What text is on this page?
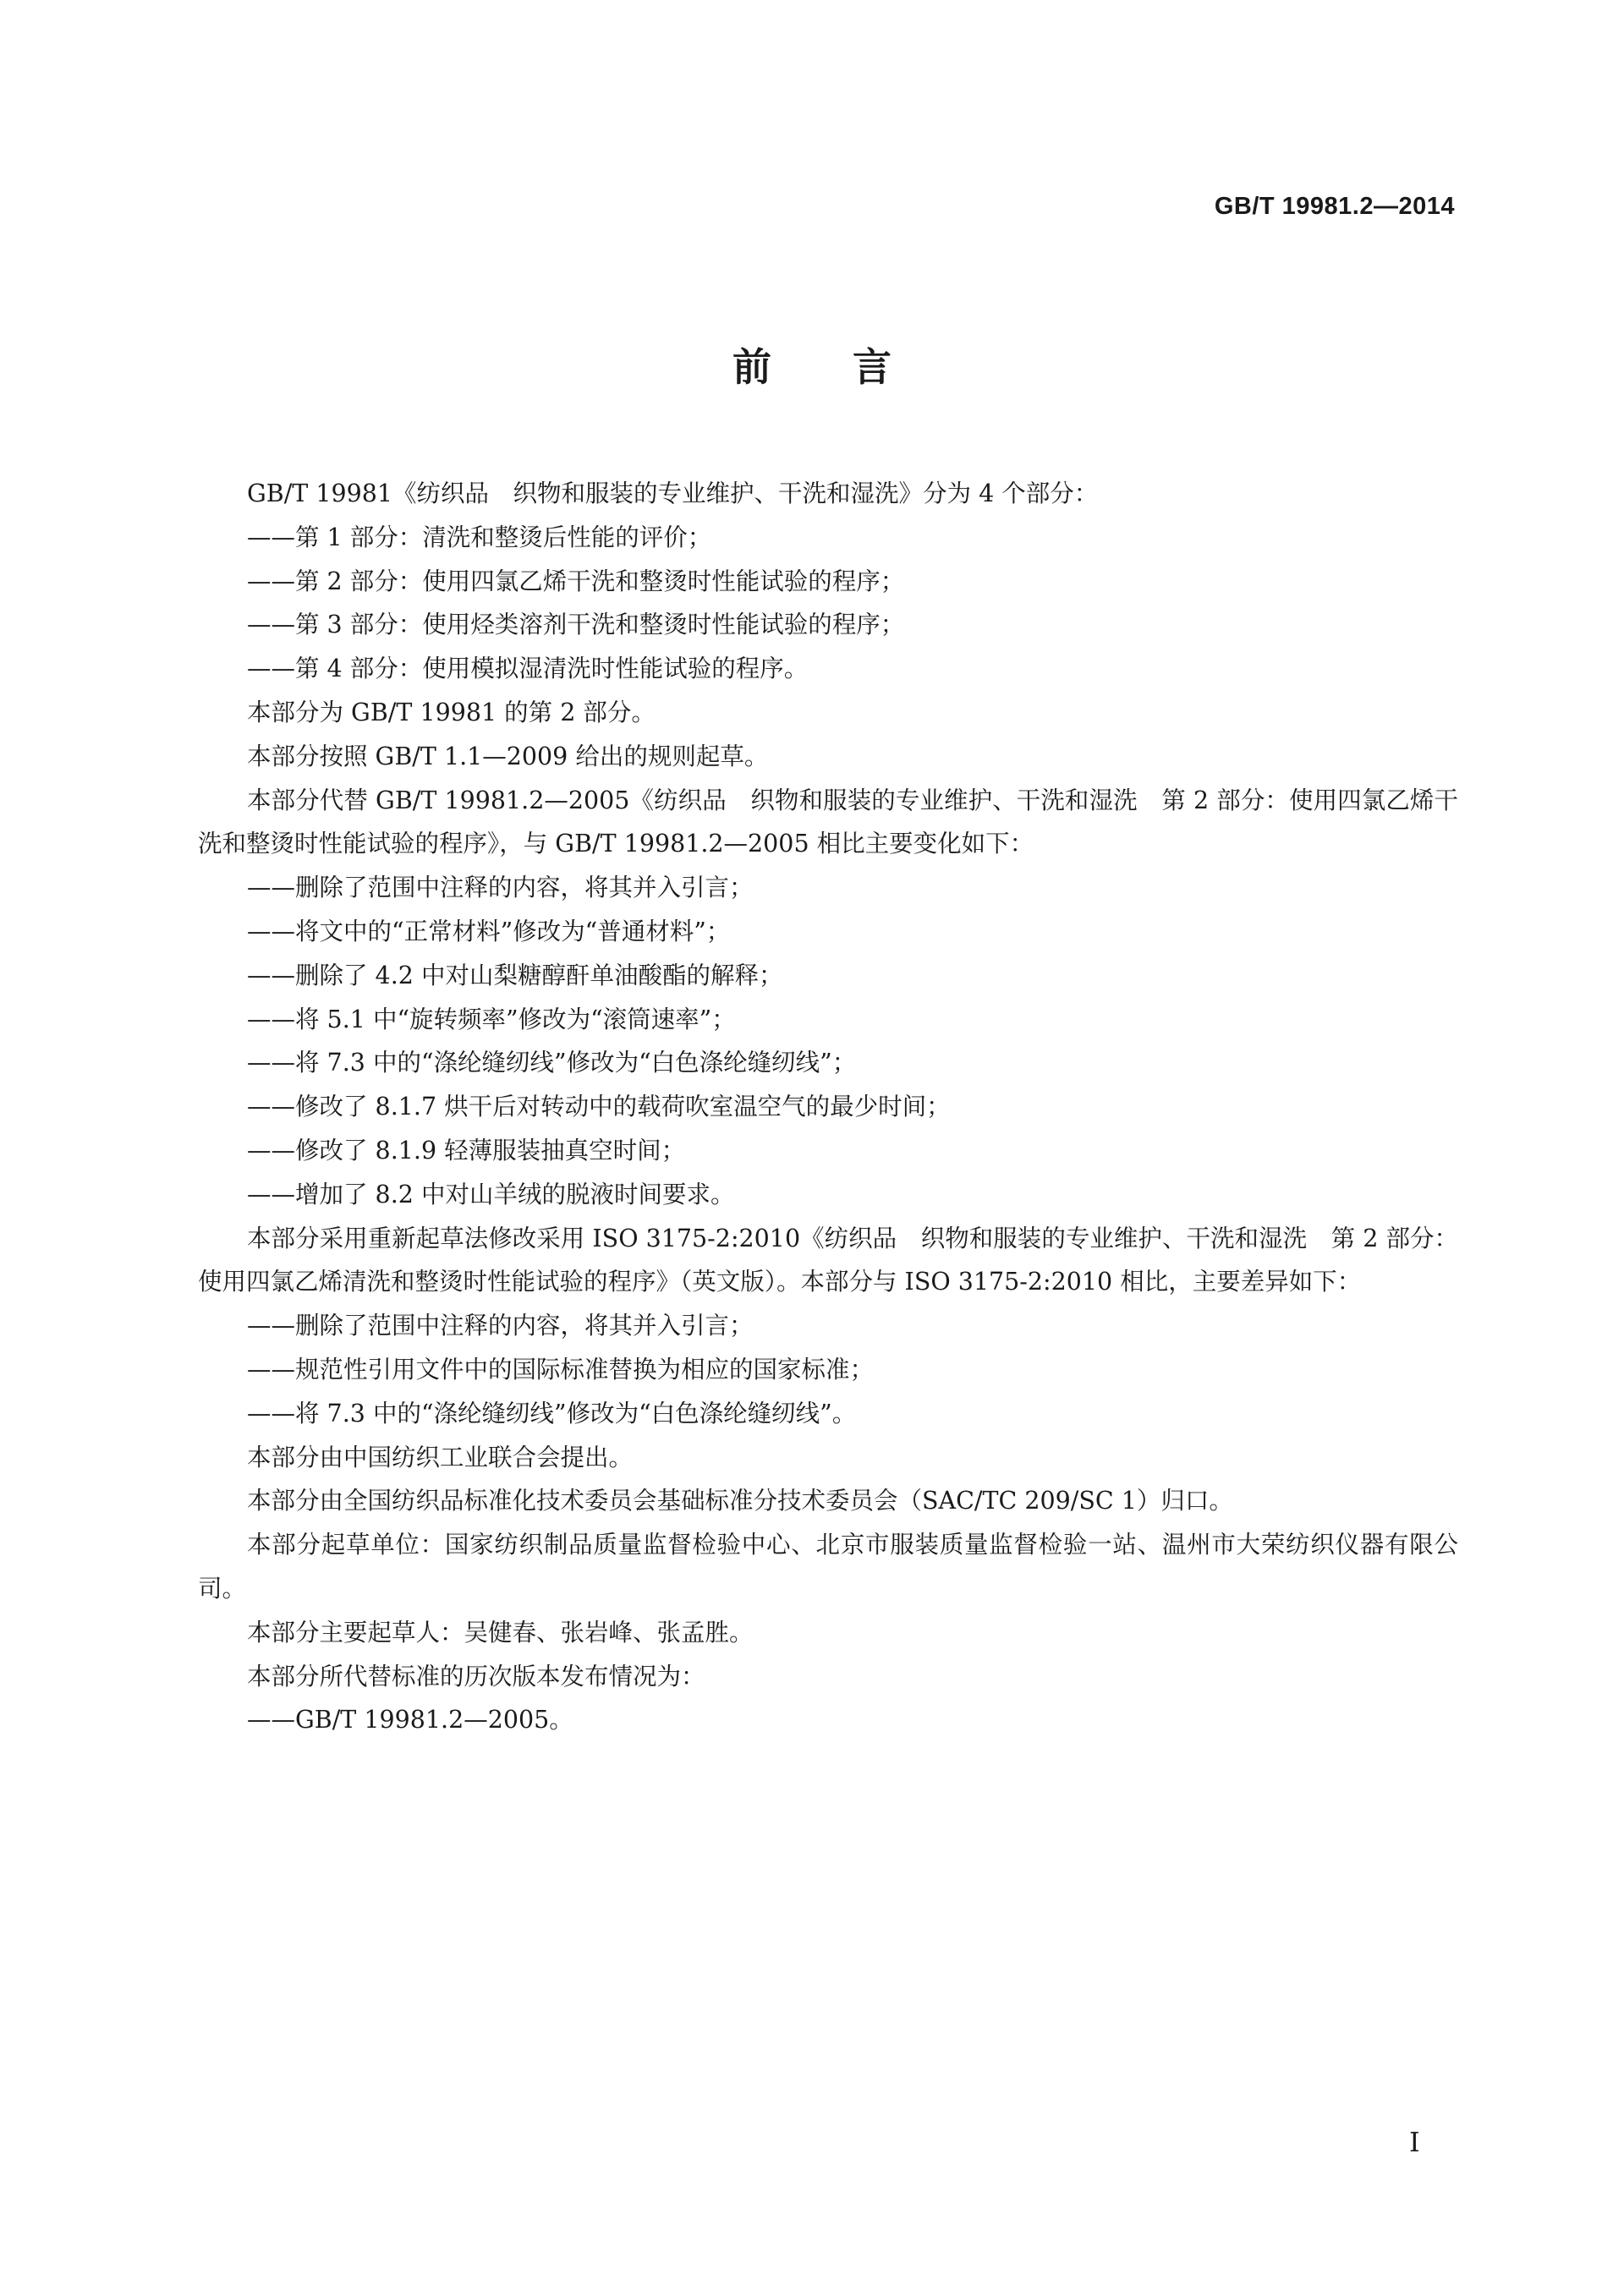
GB/T 19981.2—2014
前言

GB/T 19981《纺织品　织物和服装的专业维护、干洗和湿洗》分为 4 个部分：

——第 1 部分：清洗和整烫后性能的评价；

——第 2 部分：使用四氯乙烯干洗和整烫时性能试验的程序；

——第 3 部分：使用烃类溶剂干洗和整烫时性能试验的程序；

——第 4 部分：使用模拟湿清洗时性能试验的程序。

本部分为 GB/T 19981 的第 2 部分。

本部分按照 GB/T 1.1—2009 给出的规则起草。

本部分代替 GB/T 19981.2—2005《纺织品　织物和服装的专业维护、干洗和湿洗　第 2 部分：使用四氯乙烯干洗和整烫时性能试验的程序》，与 GB/T 19981.2—2005 相比主要变化如下：

——删除了范围中注释的内容，将其并入引言；

——将文中的“正常材料”修改为“普通材料”；

——删除了 4.2 中对山梨糖醇酐单油酸酯的解释；

——将 5.1 中“旋转频率”修改为“滚筒速率”；

——将 7.3 中的“涤纶缝纫线”修改为“白色涤纶缝纫线”；

——修改了 8.1.7 烘干后对转动中的载荷吹室温空气的最少时间；

——修改了 8.1.9 轻薄服装抽真空时间；

——增加了 8.2 中对山羊绒的脱液时间要求。

本部分采用重新起草法修改采用 ISO 3175-2:2010《纺织品　织物和服装的专业维护、干洗和湿洗　第 2 部分：使用四氯乙烯清洗和整烫时性能试验的程序》（英文版）。本部分与 ISO 3175-2:2010 相比，主要差异如下：

——删除了范围中注释的内容，将其并入引言；

——规范性引用文件中的国际标准替换为相应的国家标准；

——将 7.3 中的“涤纶缝纫线”修改为“白色涤纶缝纫线”。

本部分由中国纺织工业联合会提出。

本部分由全国纺织品标准化技术委员会基础标准分技术委员会（SAC/TC 209/SC 1）归口。

本部分起草单位：国家纺织制品质量监督检验中心、北京市服装质量监督检验一站、温州市大荣纺织仪器有限公司。

本部分主要起草人：吴健春、张岩峰、张孟胜。

本部分所代替标准的历次版本发布情况为：

——GB/T 19981.2—2005。

I
